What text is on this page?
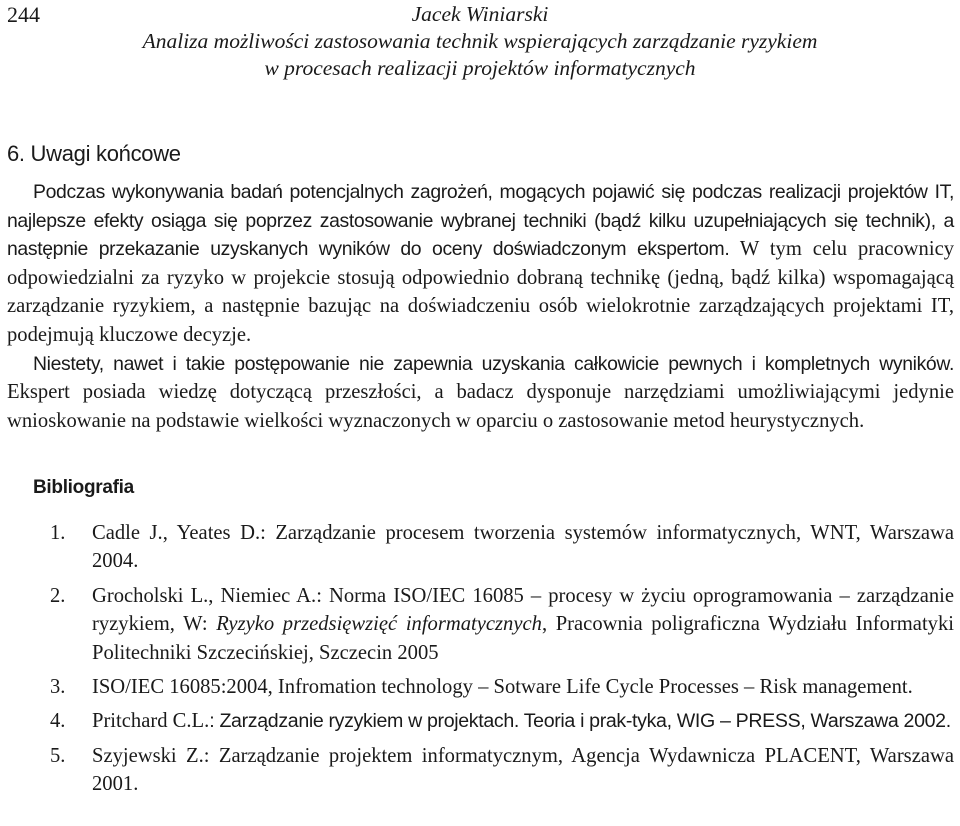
244	Jacek Winiarski
Analiza możliwości zastosowania technik wspierających zarządzanie ryzykiem
w procesach realizacji projektów informatycznych
6. Uwagi końcowe

Podczas wykonywania badań potencjalnych zagrożeń, mogących pojawić się podczas realizacji projektów IT, najlepsze efekty osiąga się poprzez zastosowanie wybranej techniki (bądź kilku uzupełniających się technik), a następnie przekazanie uzyskanych wyników do oceny doświadczonym ekspertom. W tym celu pracownicy odpowiedzialni za ryzyko w projekcie stosują odpowiednio dobraną technikę (jedną, bądź kilka) wspomagającą zarządzanie ryzykiem, a następnie bazując na doświadczeniu osób wielokrotnie zarządzających projektami IT, podejmują kluczowe decyzje.

Niestety, nawet i takie postępowanie nie zapewnia uzyskania całkowicie pewnych i kompletnych wyników. Ekspert posiada wiedzę dotyczącą przeszłości, a badacz dysponuje narzędziami umożliwiającymi jedynie wnioskowanie na podstawie wielkości wyznaczonych w oparciu o zastosowanie metod heurystycznych.

Bibliografia
1. Cadle J., Yeates D.: Zarządzanie procesem tworzenia systemów informatycznych, WNT, Warszawa 2004.
2. Grocholski L., Niemiec A.: Norma ISO/IEC 16085 – procesy w życiu oprogramowania – zarządzanie ryzykiem, W: Ryzyko przedsięwzięć informatycznych, Pracownia poligraficzna Wydziału Informatyki Politechniki Szczecińskiej, Szczecin 2005
3. ISO/IEC 16085:2004, Infromation technology – Sotware Life Cycle Processes – Risk management.
4. Pritchard C.L.: Zarządzanie ryzykiem w projektach. Teoria i prak-tyka, WIG – PRESS, Warszawa 2002.
5. Szyjewski Z.: Zarządzanie projektem informatycznym, Agencja Wydawnicza PLACENT, Warszawa 2001.
